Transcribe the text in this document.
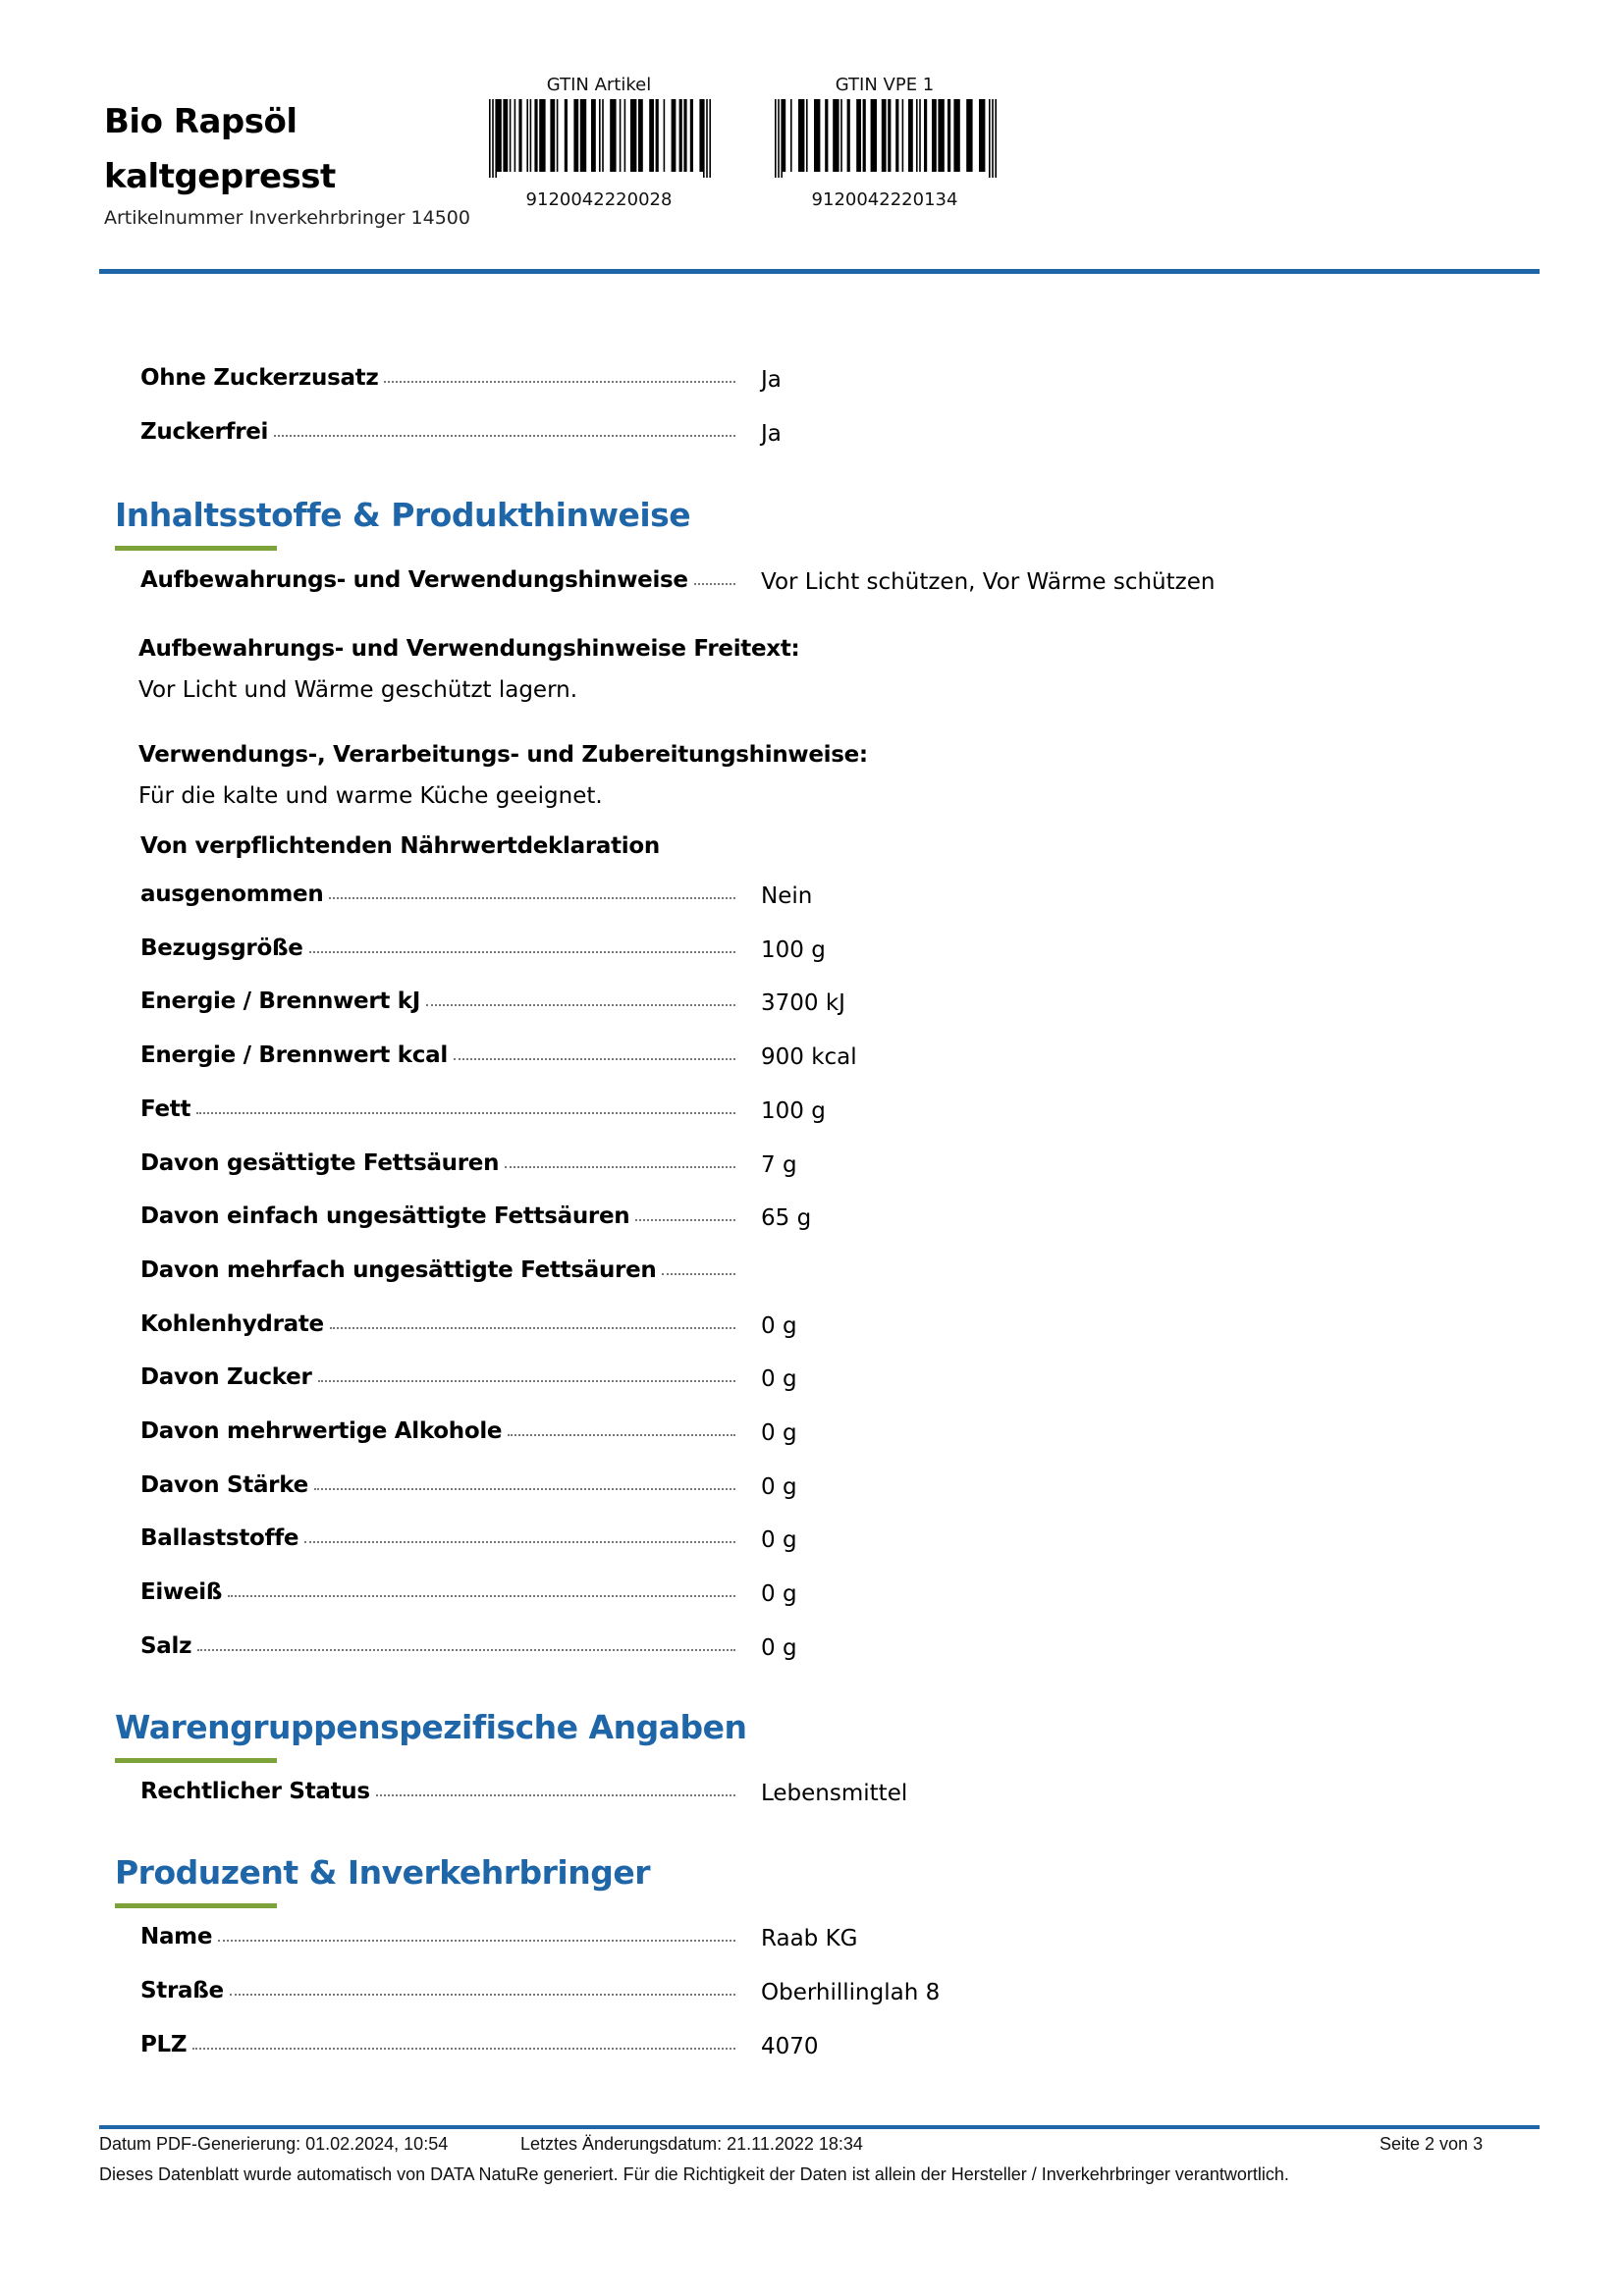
Bio Rapsöl
kaltgepresst
Artikelnummer Inverkehrbringer 14500
GTIN Artikel
9120042220028
GTIN VPE 1
9120042220134
Ohne Zuckerzusatz	Ja
Zuckerfrei	Ja
Inhaltsstoffe & Produkthinweise
Aufbewahrungs- und Verwendungshinweise	Vor Licht schützen, Vor Wärme schützen
Aufbewahrungs- und Verwendungshinweise Freitext:
Vor Licht und Wärme geschützt lagern.
Verwendungs-, Verarbeitungs- und Zubereitungshinweise:
Für die kalte und warme Küche geeignet.
Von verpflichtenden Nährwertdeklaration
ausgenommen	Nein
Bezugsgröße	100 g
Energie / Brennwert kJ	3700 kJ
Energie / Brennwert kcal	900 kcal
Fett	100 g
Davon gesättigte Fettsäuren	7 g
Davon einfach ungesättigte Fettsäuren	65 g
Davon mehrfach ungesättigte Fettsäuren
Kohlenhydrate	0 g
Davon Zucker	0 g
Davon mehrwertige Alkohole	0 g
Davon Stärke	0 g
Ballaststoffe	0 g
Eiweiß	0 g
Salz	0 g
Warengruppenspezifische Angaben
Rechtlicher Status	Lebensmittel
Produzent & Inverkehrbringer
Name	Raab KG
Straße	Oberhillinglah 8
PLZ	4070
Datum PDF-Generierung: 01.02.2024, 10:54	Letztes Änderungsdatum: 21.11.2022 18:34	Seite 2 von 3
Dieses Datenblatt wurde automatisch von DATA NatuRe generiert. Für die Richtigkeit der Daten ist allein der Hersteller / Inverkehrbringer verantwortlich.
